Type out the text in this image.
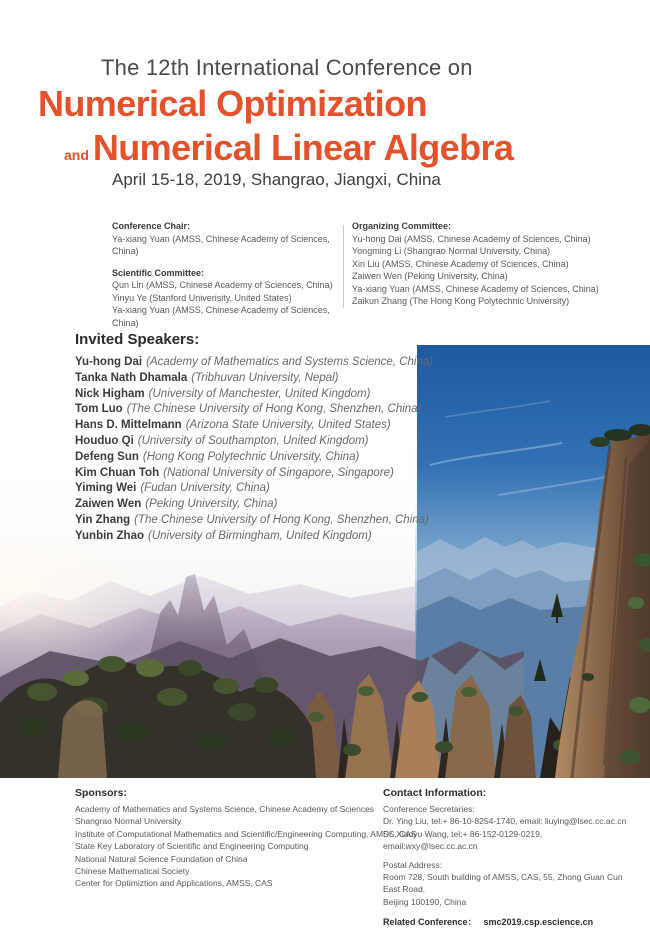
The 12th International Conference on
Numerical Optimization
and Numerical Linear Algebra
April 15-18, 2019, Shangrao, Jiangxi, China
Conference Chair:
Ya-xiang Yuan (AMSS, Chinese Academy of Sciences, China)
Scientific Committee:
Qun Lin (AMSS, Chinese Academy of Sciences, China)
Yinyu Ye (Stanford Univerisity, United States)
Ya-xiang Yuan (AMSS, Chinese Academy of Sciences, China)
Organizing Committee:
Yu-hong Dai (AMSS, Chinese Academy of Sciences, China)
Yongming Li (Shangrao Normal University, China)
Xin Liu (AMSS, Chinese Academy of Sciences, China)
Zaiwen Wen (Peking University, China)
Ya-xiang Yuan (AMSS, Chinese Academy of Sciences, China)
Zaikun Zhang (The Hong Kong Polytechnic University)
Invited Speakers:
Yu-hong Dai (Academy of Mathematics and Systems Science, China)
Tanka Nath Dhamala (Tribhuvan University, Nepal)
Nick Higham (University of Manchester, United Kingdom)
Tom Luo (The Chinese University of Hong Kong, Shenzhen, China)
Hans D. Mittelmann (Arizona State University, United States)
Houduo Qi (University of Southampton, United Kingdom)
Defeng Sun (Hong Kong Polytechnic University, China)
Kim Chuan Toh (National University of Singapore, Singapore)
Yiming Wei (Fudan University, China)
Zaiwen Wen (Peking University, China)
Yin Zhang (The Chinese University of Hong Kong, Shenzhen, China)
Yunbin Zhao (University of Birmingham, United Kingdom)
Sponsors:
Academy of Mathematics and Systems Science, Chinese Academy of Sciences
Shangrao Normal University
Institute of Computational Mathematics and Scientific/Engineering Computing, AMSS, CAS
State Key Laboratory of Scientific and Engineering Computing
National Natural Science Foundation of China
Chinese Mathematical Society
Center for Optimiztion and Applications, AMSS, CAS
Contact Information:
Conference Secretaries:
Dr. Ying Liu, tel:+ 86-10-8254-1740, email: liuying@lsec.cc.ac.cn
Dr. Xiaoyu Wang, tel:+ 86-152-0129-0219, email:wxy@lsec.cc.ac.cn
Postal Address:
Room 728, South building of AMSS, CAS, 55, Zhong Guan Cun East Road.
Beijing 100190, China
Related Conference： smc2019.csp.escience.cn
